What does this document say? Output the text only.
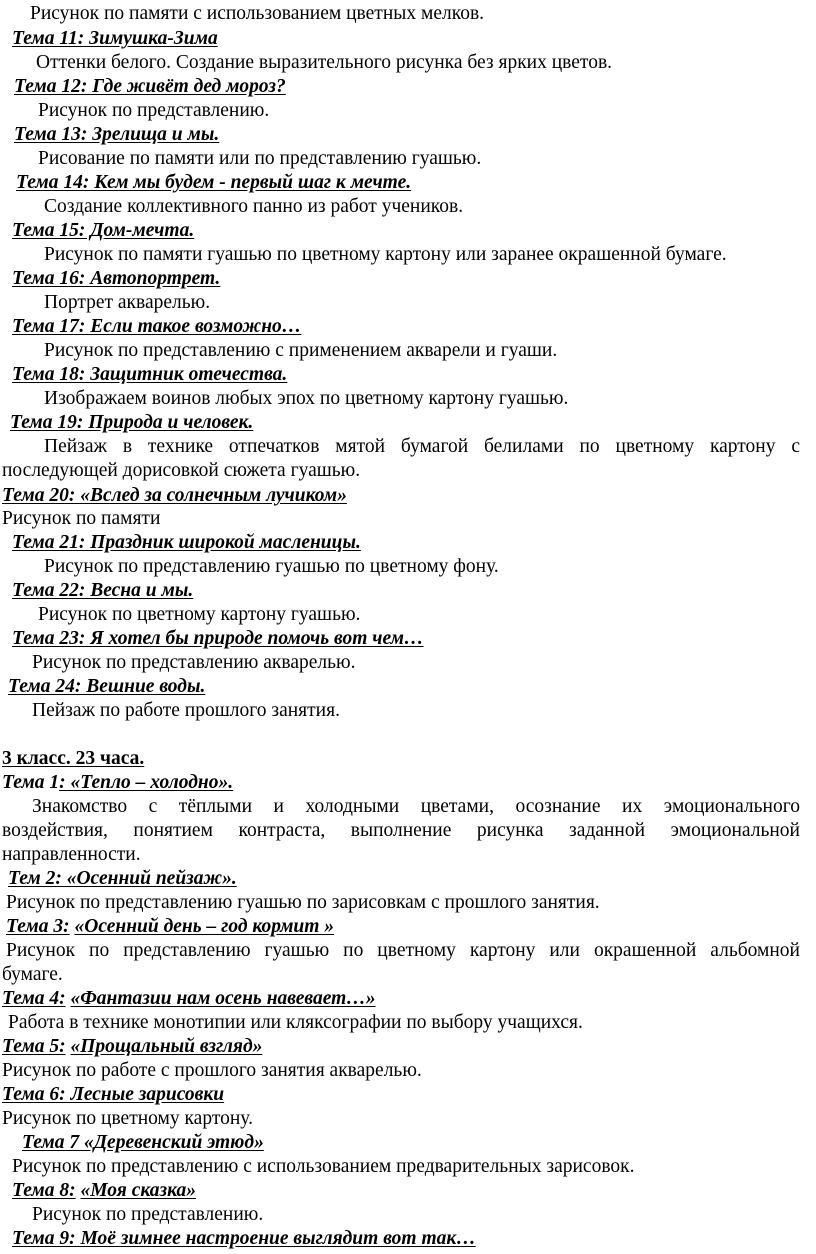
Рисунок по памяти с использованием цветных мелков.
Тема 11: Зимушка-Зима
Оттенки белого. Создание выразительного рисунка без ярких цветов.
Тема 12: Где живёт дед мороз?
Рисунок по представлению.
Тема 13: Зрелища и мы.
Рисование по памяти или по представлению гуашью.
Тема 14: Кем мы будем - первый шаг к мечте.
Создание коллективного панно из работ учеников.
Тема 15: Дом-мечта.
Рисунок по памяти гуашью по цветному картону или заранее окрашенной бумаге.
Тема 16: Автопортрет.
Портрет акварелью.
Тема 17: Если такое возможно…
Рисунок по представлению с применением акварели и гуаши.
Тема 18: Защитник отечества.
Изображаем воинов любых эпох по цветному картону гуашью.
Тема 19: Природа и человек.
Пейзаж в технике отпечатков мятой бумагой белилами по цветному картону с
последующей дорисовкой сюжета гуашью.
Тема 20: «Вслед за солнечным лучиком»
Рисунок по памяти
Тема 21: Праздник широкой масленицы.
Рисунок по представлению гуашью по цветному фону.
Тема 22: Весна и мы.
Рисунок по цветному картону гуашью.
Тема 23: Я хотел бы природе помочь вот чем…
Рисунок по представлению акварелью.
Тема 24: Вешние воды.
Пейзаж по работе прошлого занятия.
3 класс. 23 часа.
Тема 1: «Тепло – холодно».
Знакомство с тёплыми и холодными цветами, осознание их эмоционального
воздействия, понятием контраста, выполнение рисунка заданной эмоциональной
направленности.
Тем 2: «Осенний пейзаж».
Рисунок по представлению гуашью по зарисовкам с прошлого занятия.
Тема 3: «Осенний день – год кормит »
Рисунок по представлению гуашью по цветному картону или окрашенной альбомной
бумаге.
Тема 4: «Фантазии нам осень навевает…»
Работа в технике монотипии или кляксографии по выбору учащихся.
Тема 5: «Прощальный взгляд»
Рисунок по работе с прошлого занятия акварелью.
Тема 6: Лесные зарисовки
Рисунок по цветному картону.
Тема 7 «Деревенский этюд»
Рисунок по представлению с использованием предварительных зарисовок.
Тема 8: «Моя сказка»
Рисунок по представлению.
Тема 9: Моё зимнее настроение выглядит вот так…
